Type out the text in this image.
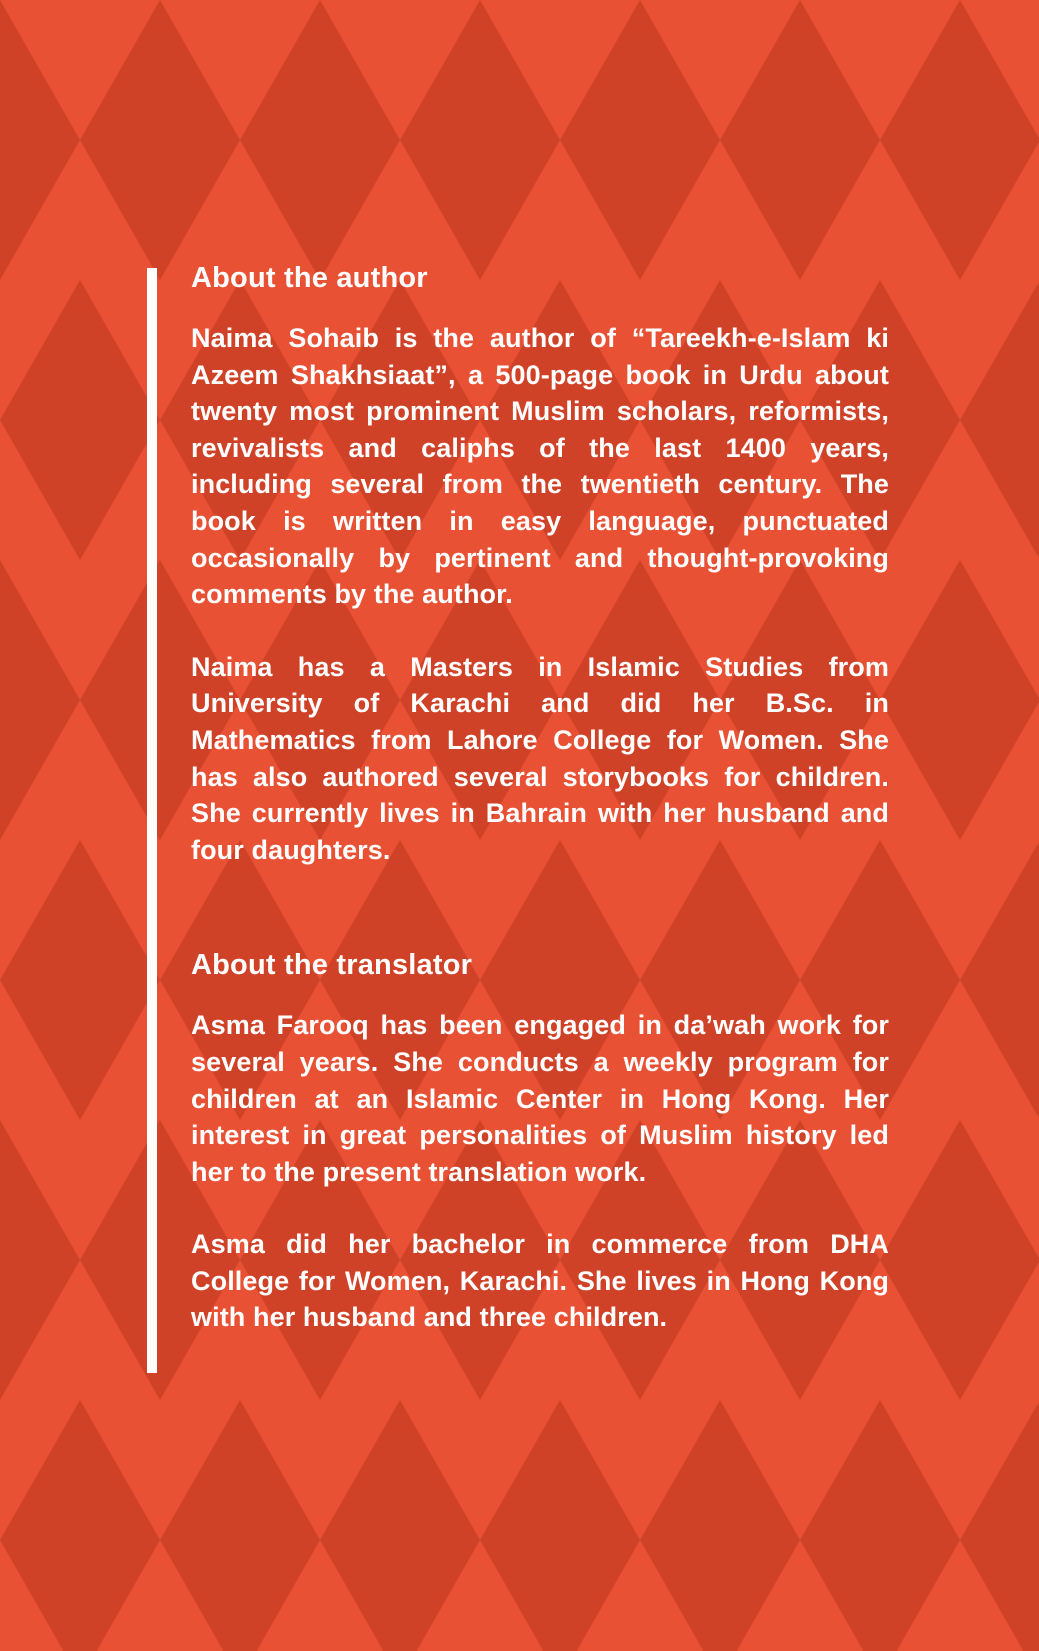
About the author

Naima Sohaib is the author of “Tareekh-e-Islam ki Azeem Shakhsiaat”, a 500-page book in Urdu about twenty most prominent Muslim scholars, reformists, revivalists and caliphs of the last 1400 years, including several from the twentieth century. The book is written in easy language, punctuated occasionally by pertinent and thought-provoking comments by the author.

Naima has a Masters in Islamic Studies from University of Karachi and did her B.Sc. in Mathematics from Lahore College for Women. She has also authored several storybooks for children. She currently lives in Bahrain with her husband and four daughters.

About the translator

Asma Farooq has been engaged in da’wah work for several years. She conducts a weekly program for children at an Islamic Center in Hong Kong. Her interest in great personalities of Muslim history led her to the present translation work.

Asma did her bachelor in commerce from DHA College for Women, Karachi. She lives in Hong Kong with her husband and three children.
